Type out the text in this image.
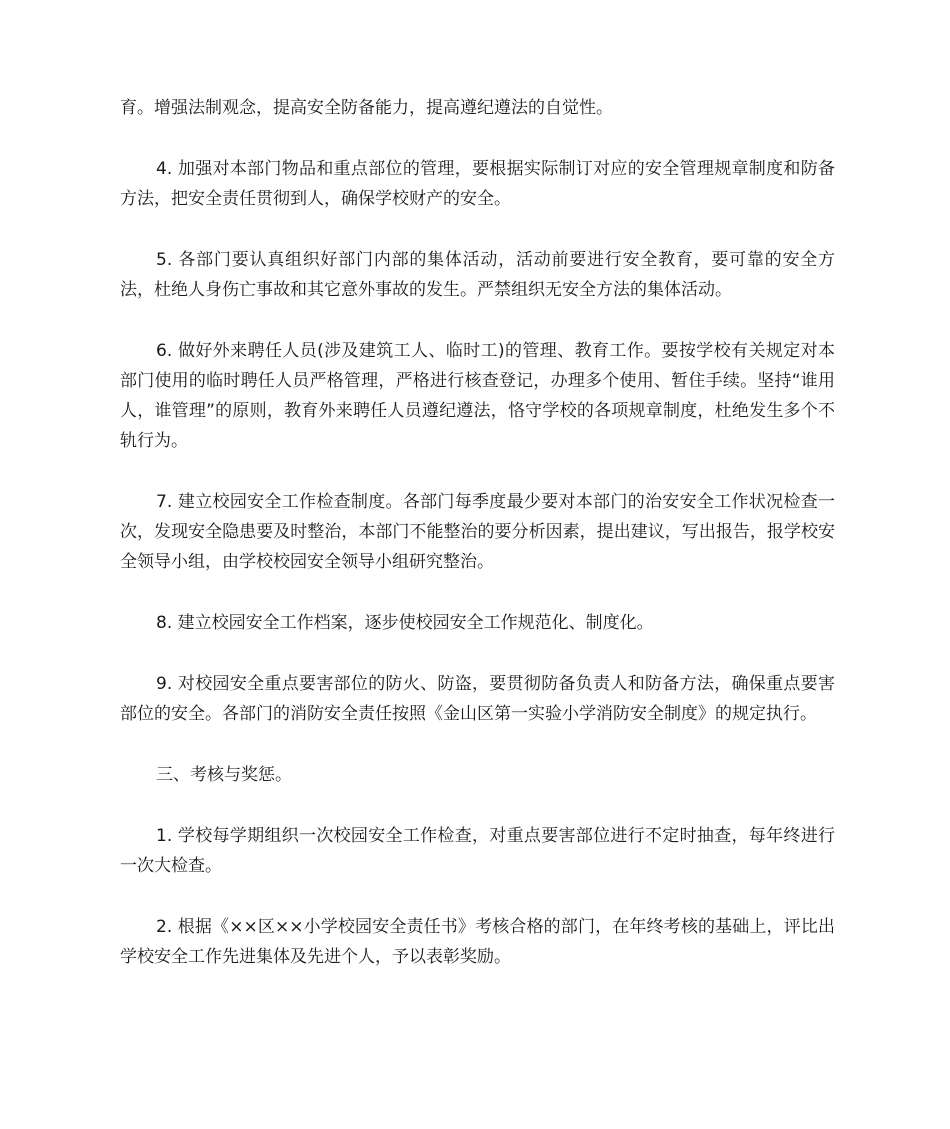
育。增强法制观念，提高安全防备能力，提高遵纪遵法的自觉性。

4. 加强对本部门物品和重点部位的管理，要根据实际制订对应的安全管理规章制度和防备方法，把安全责任贯彻到人，确保学校财产的安全。

5. 各部门要认真组织好部门内部的集体活动，活动前要进行安全教育，要可靠的安全方法，杜绝人身伤亡事故和其它意外事故的发生。严禁组织无安全方法的集体活动。

6. 做好外来聘任人员(涉及建筑工人、临时工)的管理、教育工作。要按学校有关规定对本部门使用的临时聘任人员严格管理，严格进行核查登记，办理多个使用、暂住手续。坚持“谁用人，谁管理”的原则，教育外来聘任人员遵纪遵法，恪守学校的各项规章制度，杜绝发生多个不轨行为。

7. 建立校园安全工作检查制度。各部门每季度最少要对本部门的治安安全工作状况检查一次，发现安全隐患要及时整治，本部门不能整治的要分析因素，提出建议，写出报告，报学校安全领导小组，由学校校园安全领导小组研究整治。

8. 建立校园安全工作档案，逐步使校园安全工作规范化、制度化。

9. 对校园安全重点要害部位的防火、防盗，要贯彻防备负责人和防备方法，确保重点要害部位的安全。各部门的消防安全责任按照《金山区第一实验小学消防安全制度》的规定执行。

三、考核与奖惩。

1. 学校每学期组织一次校园安全工作检查，对重点要害部位进行不定时抽查，每年终进行一次大检查。

2. 根据《××区××小学校园安全责任书》考核合格的部门，在年终考核的基础上，评比出学校安全工作先进集体及先进个人，予以表彰奖励。
